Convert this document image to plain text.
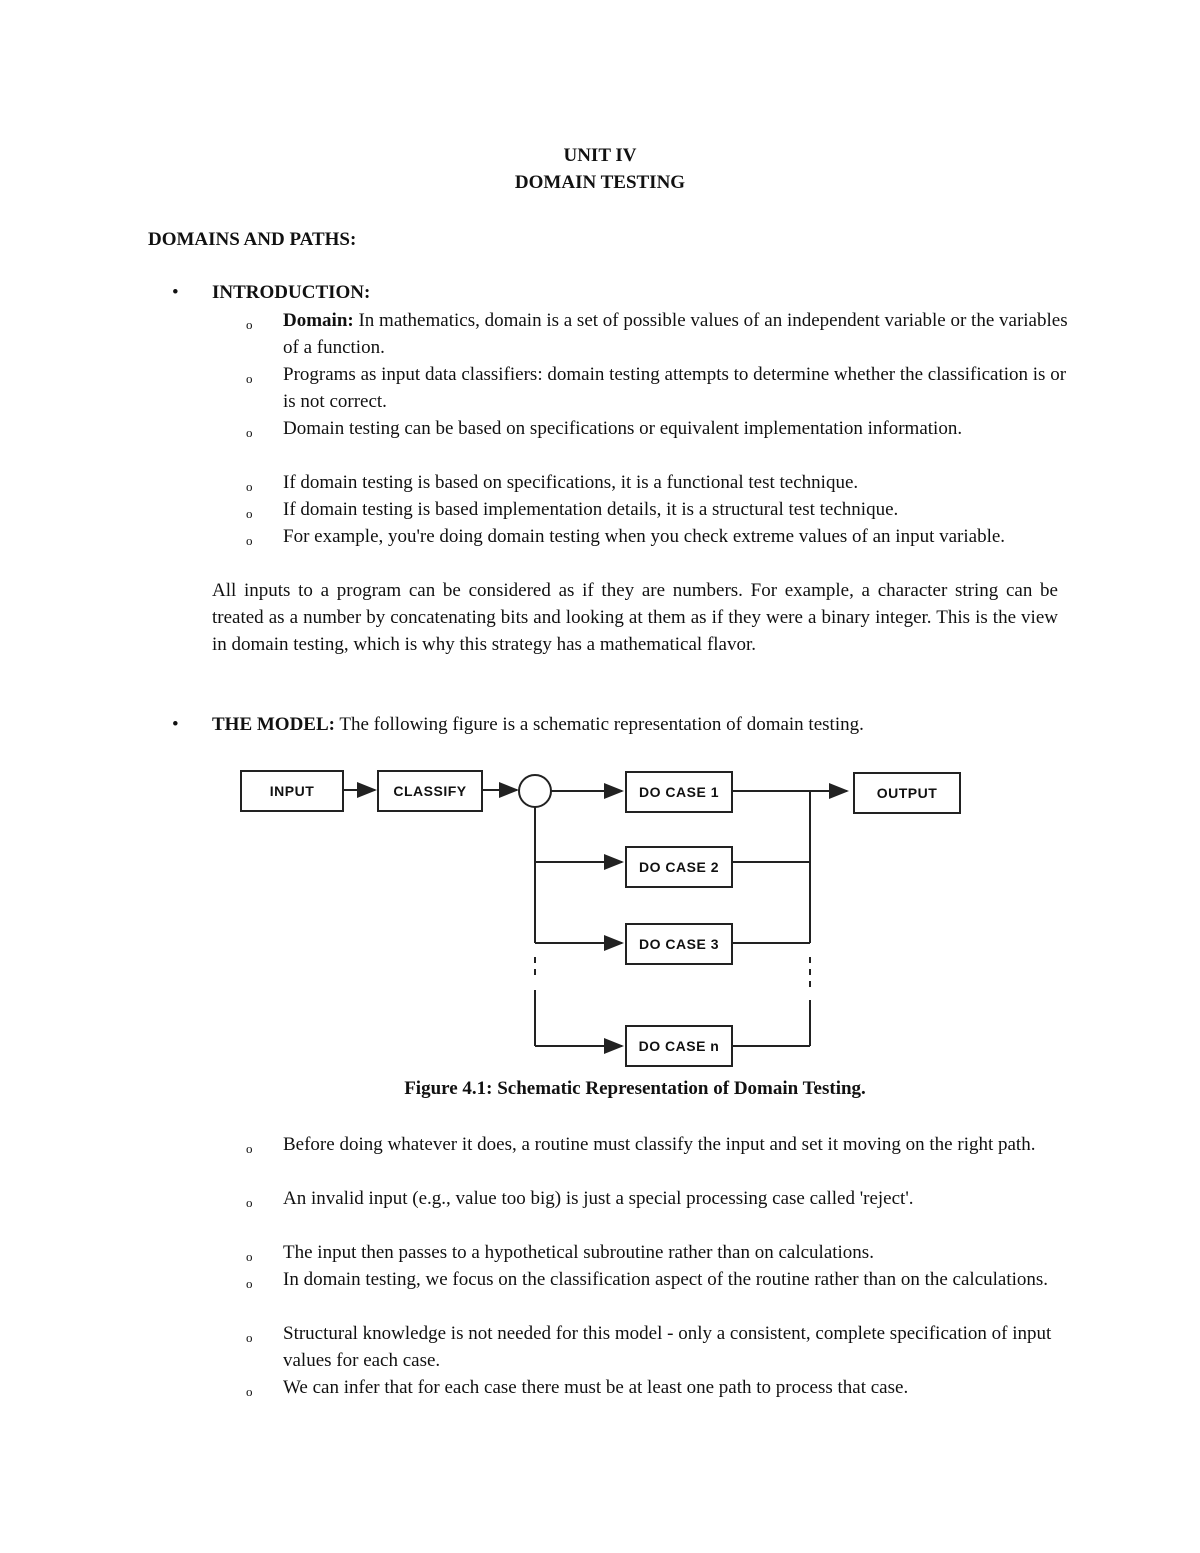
UNIT IV
DOMAIN TESTING
DOMAINS AND PATHS:
• INTRODUCTION:
o Domain: In mathematics, domain is a set of possible values of an independent variable or the variables of a function.
o Programs as input data classifiers: domain testing attempts to determine whether the classification is or is not correct.
o Domain testing can be based on specifications or equivalent implementation information.
o If domain testing is based on specifications, it is a functional test technique.
o If domain testing is based implementation details, it is a structural test technique.
o For example, you're doing domain testing when you check extreme values of an input variable.
All inputs to a program can be considered as if they are numbers. For example, a character string can be treated as a number by concatenating bits and looking at them as if they were a binary integer. This is the view in domain testing, which is why this strategy has a mathematical flavor.
• THE MODEL: The following figure is a schematic representation of domain testing.
INPUT	CLASSIFY	DO CASE 1
DO CASE 2
DO CASE 3
DO CASE n
OUTPUT
Figure 4.1: Schematic Representation of Domain Testing.
o Before doing whatever it does, a routine must classify the input and set it moving on the right path.
o An invalid input (e.g., value too big) is just a special processing case called 'reject'.
o The input then passes to a hypothetical subroutine rather than on calculations.
o In domain testing, we focus on the classification aspect of the routine rather than on the calculations.
o Structural knowledge is not needed for this model - only a consistent, complete specification of input values for each case.
o We can infer that for each case there must be at least one path to process that case.
